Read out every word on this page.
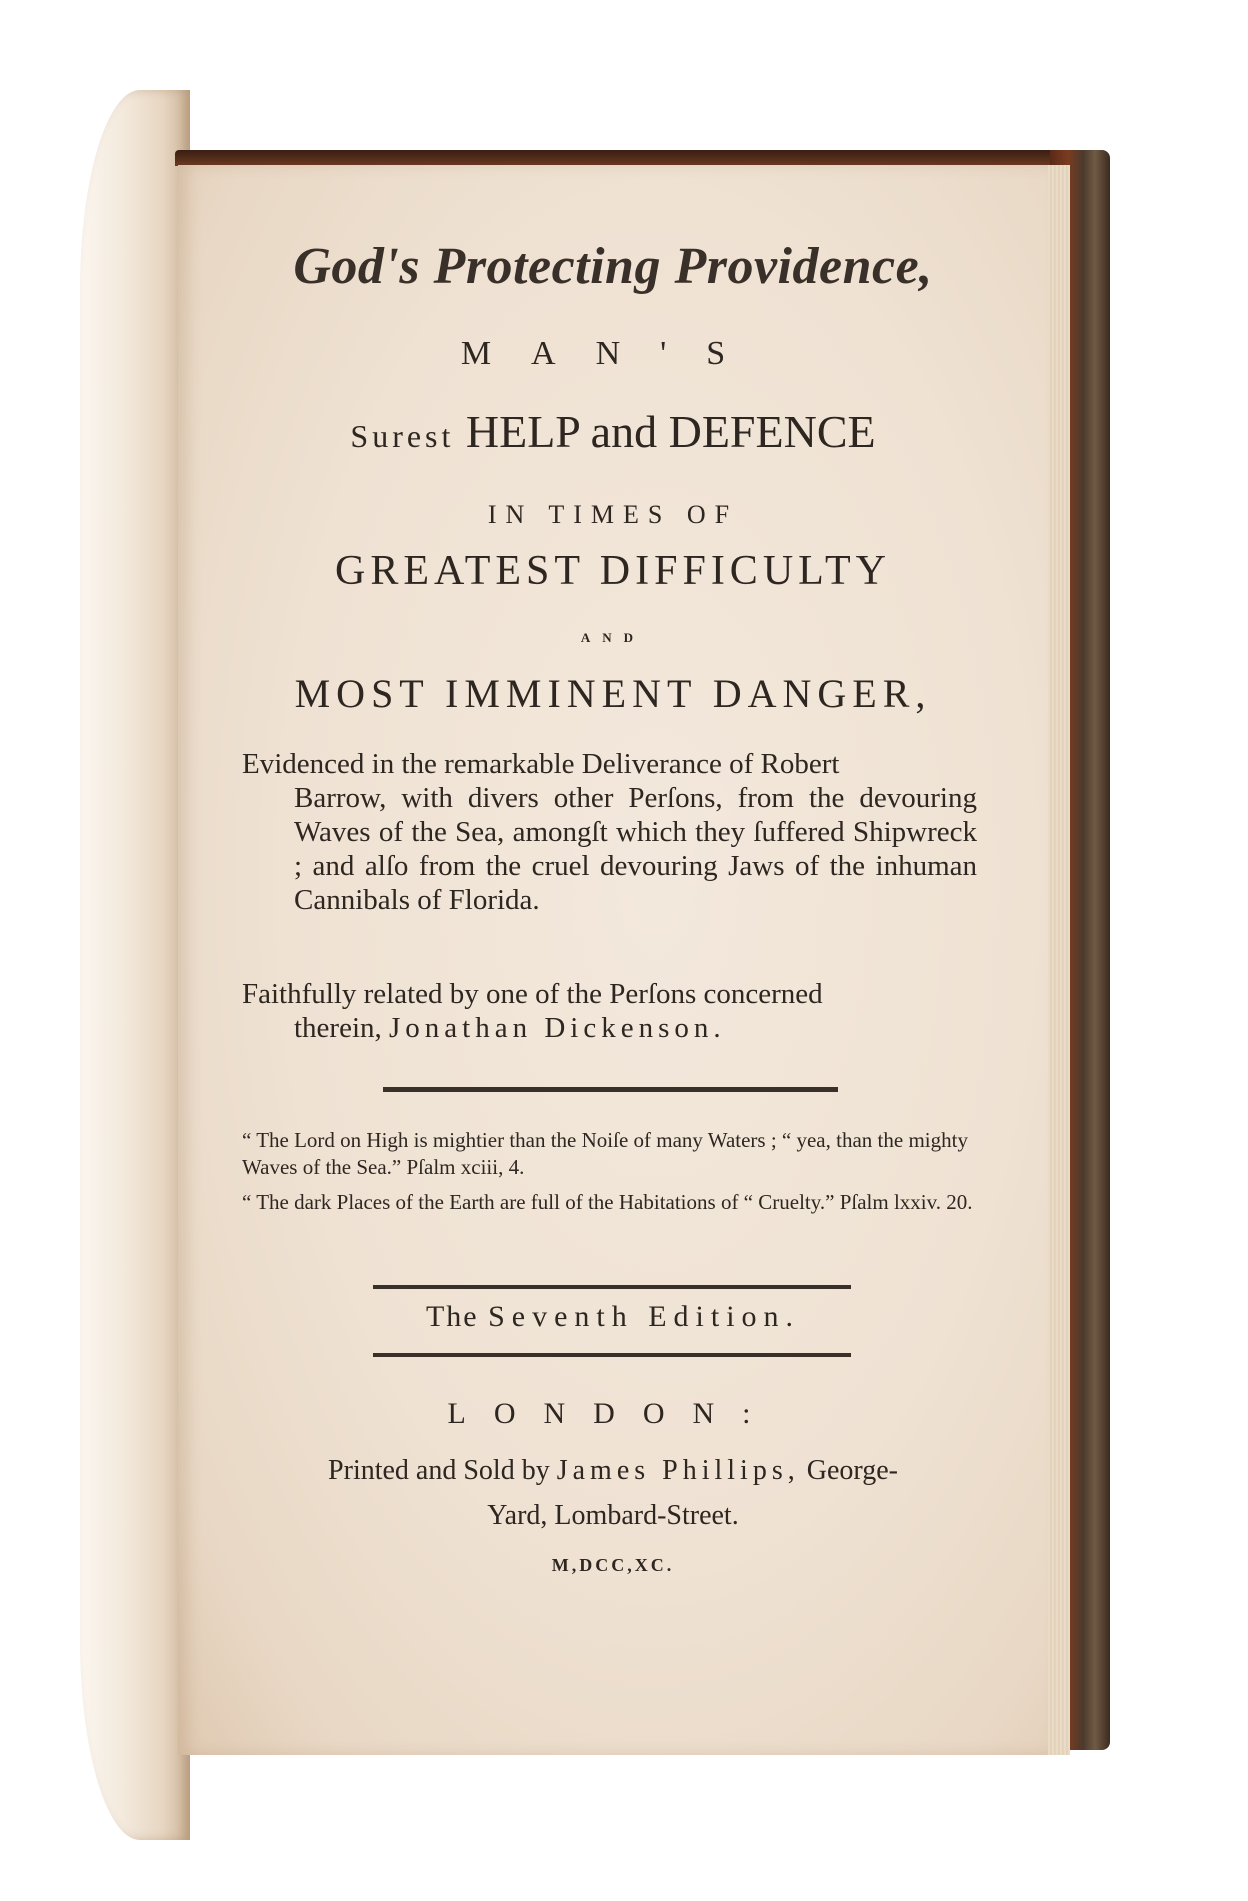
God's Protecting Providence,
MAN'S
Surest HELP and DEFENCE
IN TIMES OF
GREATEST DIFFICULTY
AND
MOST IMMINENT DANGER,
Evidenced in the remarkable Deliverance of Robert
Barrow, with divers other Perſons, from the devouring Waves of the Sea, amongſt which they ſuffered Shipwreck ; and alſo from the cruel devouring Jaws of the inhuman Cannibals of Florida.
Faithfully related by one of the Perſons concerned
therein, Jonathan Dickenson.
“ The Lord on High is mightier than the Noiſe of many Waters ; “ yea, than the mighty Waves of the Sea.” Pſalm xciii, 4.
“ The dark Places of the Earth are full of the Habitations of “ Cruelty.” Pſalm lxxiv. 20.
The Seventh Edition.
LONDON:
Printed and Sold by James Phillips, George-
Yard, Lombard-Street.
M,DCC,XC.
